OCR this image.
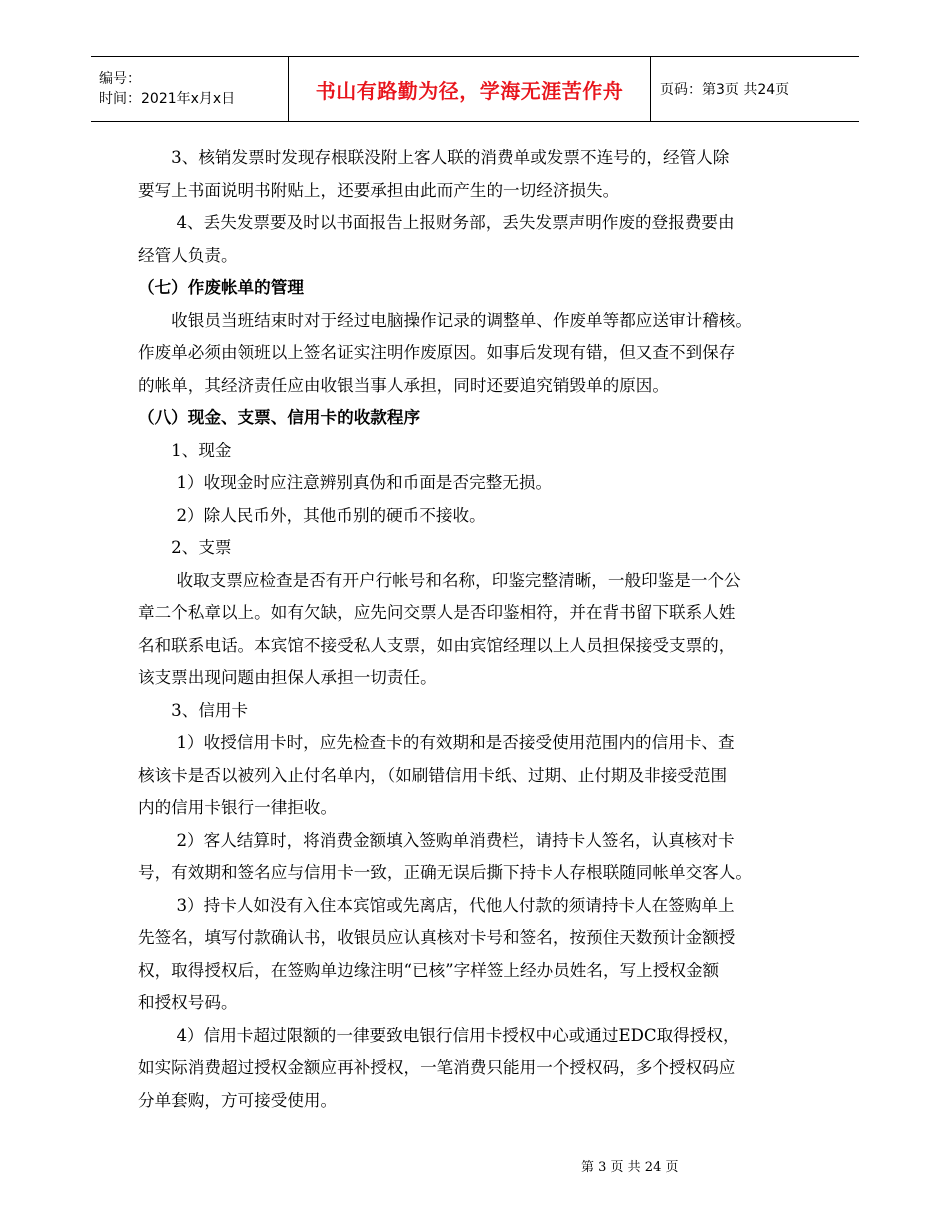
编号：
时间：2021年x月x日	书山有路勤为径，学海无涯苦作舟	页码：第3页 共24页

　　3、核销发票时发现存根联没附上客人联的消费单或发票不连号的，经管人除
要写上书面说明书附贴上，还要承担由此而产生的一切经济损失。

　　 4、丢失发票要及时以书面报告上报财务部，丢失发票声明作废的登报费要由
经管人负责。

（七）作废帐单的管理

　　收银员当班结束时对于经过电脑操作记录的调整单、作废单等都应送审计稽核。
作废单必须由领班以上签名证实注明作废原因。如事后发现有错，但又查不到保存
的帐单，其经济责任应由收银当事人承担，同时还要追究销毁单的原因。

（八）现金、支票、信用卡的收款程序

　　1、现金

　　 1）收现金时应注意辨别真伪和币面是否完整无损。

　　 2）除人民币外，其他币别的硬币不接收。

　　2、支票

　　 收取支票应检查是否有开户行帐号和名称，印鉴完整清晰，一般印鉴是一个公
章二个私章以上。如有欠缺，应先问交票人是否印鉴相符，并在背书留下联系人姓
名和联系电话。本宾馆不接受私人支票，如由宾馆经理以上人员担保接受支票的，
该支票出现问题由担保人承担一切责任。

　　3、信用卡

　　 1）收授信用卡时，应先检查卡的有效期和是否接受使用范围内的信用卡、查
核该卡是否以被列入止付名单内，（如刷错信用卡纸、过期、止付期及非接受范围
内的信用卡银行一律拒收。

　　 2）客人结算时，将消费金额填入签购单消费栏，请持卡人签名，认真核对卡
号，有效期和签名应与信用卡一致，正确无误后撕下持卡人存根联随同帐单交客人。

　　 3）持卡人如没有入住本宾馆或先离店，代他人付款的须请持卡人在签购单上
先签名，填写付款确认书，收银员应认真核对卡号和签名，按预住天数预计金额授
权，取得授权后，在签购单边缘注明“已核”字样签上经办员姓名，写上授权金额
和授权号码。

　　 4）信用卡超过限额的一律要致电银行信用卡授权中心或通过EDC取得授权，
如实际消费超过授权金额应再补授权，一笔消费只能用一个授权码，多个授权码应
分单套购，方可接受使用。

第 3 页 共 24 页
